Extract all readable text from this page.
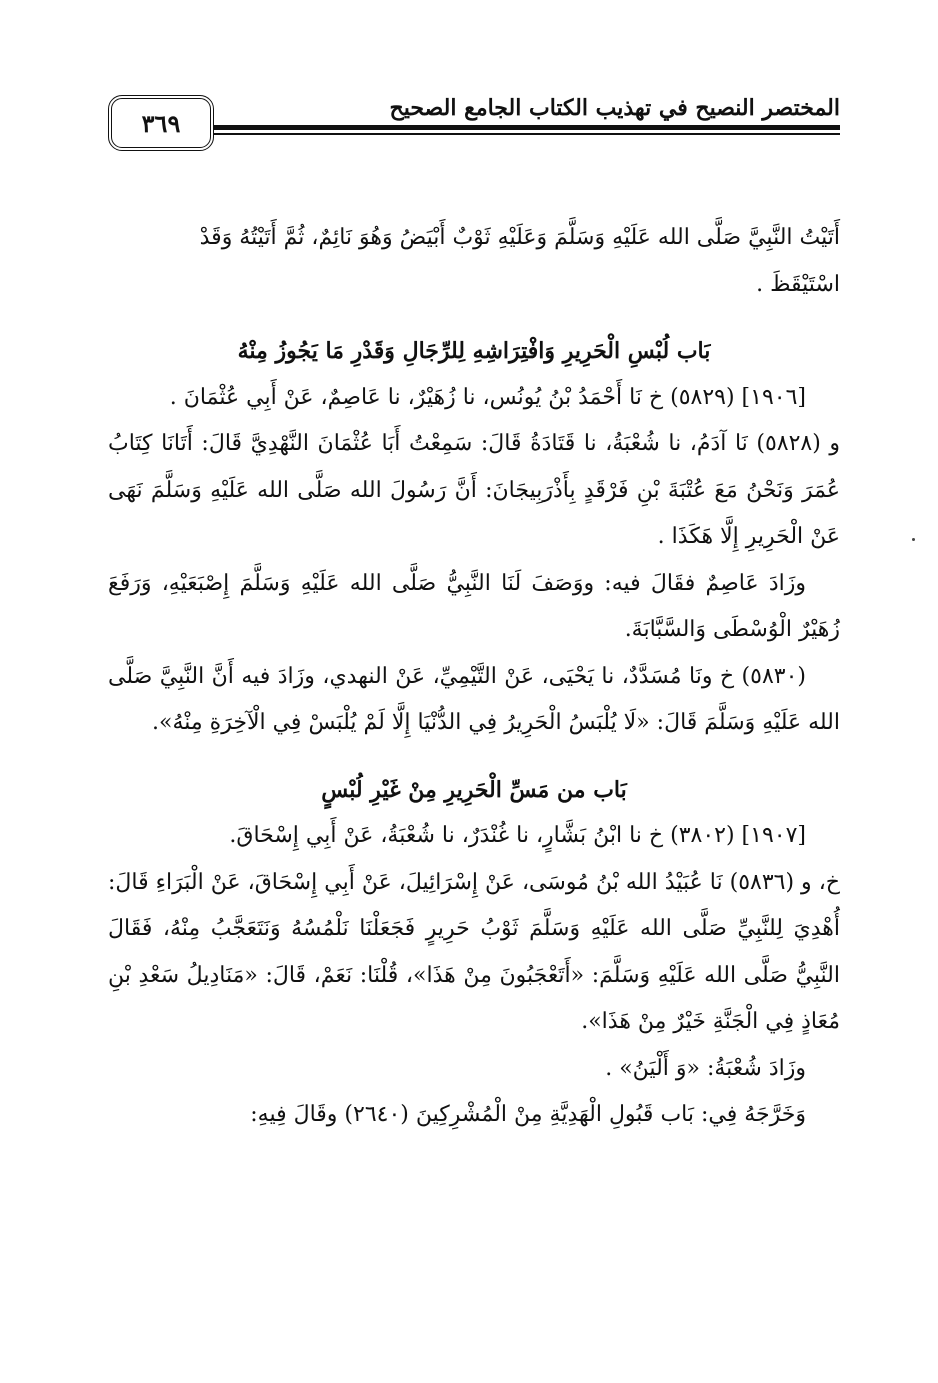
٣٦٩
المختصر النصيح في تهذيب الكتاب الجامع الصحيح

أَتَيْتُ النَّبِيَّ صَلَّى الله عَلَيْهِ وَسَلَّمَ وَعَلَيْهِ ثَوْبٌ أَبْيَضُ وَهُوَ نَائِمٌ، ثُمَّ أَتَيْتُهُ وَقَدْ

اسْتَيْقَظَ .

بَاب لُبْسِ الْحَرِيرِ وَافْتِرَاشِهِ لِلرِّجَالِ وَقَدْرِ مَا يَجُوزُ مِنْهُ

[١٩٠٦] (٥٨٢٩) خ نَا أَحْمَدُ بْنُ يُونُس، نا زُهَيْرٌ، نا عَاصِمٌ، عَنْ أَبِي عُثْمَانَ .

و (٥٨٢٨) نَا آدَمُ، نا شُعْبَةُ، نا قَتَادَةُ قَالَ: سَمِعْتُ أَبَا عُثْمَانَ النَّهْدِيَّ قَالَ: أَتَانَا كِتَابُ عُمَرَ وَنَحْنُ مَعَ عُتْبَةَ بْنِ فَرْقَدٍ بِأَذْرَبِيجَانَ: أَنَّ رَسُولَ الله صَلَّى الله عَلَيْهِ وَسَلَّمَ نَهَى عَنْ الْحَرِيرِ إِلَّا هَكَذَا .

وزَادَ عَاصِمٌ فقَالَ فيه: ووَصَفَ لَنَا النَّبِيُّ صَلَّى الله عَلَيْهِ وَسَلَّمَ إِصْبَعَيْهِ، وَرَفَعَ زُهَيْرٌ الْوُسْطَى وَالسَّبَّابَةَ.

(٥٨٣٠) خ ونَا مُسَدَّدٌ، نا يَحْيَى، عَنْ التَّيْمِيِّ، عَنْ النهدي، وزَادَ فيه أَنَّ النَّبِيَّ صَلَّى الله عَلَيْهِ وَسَلَّمَ قَالَ: «لَا يُلْبَسُ الْحَرِيرُ فِي الدُّنْيَا إِلَّا لَمْ يُلْبَسْ فِي الْآخِرَةِ مِنْهُ».

بَاب من مَسِّ الْحَرِيرِ مِنْ غَيْرِ لُبْسٍ

[١٩٠٧] (٣٨٠٢) خ نا ابْنُ بَشَّارٍ، نا غُنْدَرٌ، نا شُعْبَةُ، عَنْ أَبِي إِسْحَاقَ.

خ، و (٥٨٣٦) نَا عُبَيْدُ الله بْنُ مُوسَى، عَنْ إِسْرَائِيلَ، عَنْ أَبِي إِسْحَاقَ، عَنْ الْبَرَاءِ قَالَ: أُهْدِيَ لِلنَّبِيِّ صَلَّى الله عَلَيْهِ وَسَلَّمَ ثَوْبُ حَرِيرٍ فَجَعَلْنَا نَلْمُسُهُ وَنَتَعَجَّبُ مِنْهُ، فَقَالَ النَّبِيُّ صَلَّى الله عَلَيْهِ وَسَلَّمَ: «أَتَعْجَبُونَ مِنْ هَذَا»، قُلْنَا: نَعَمْ، قَالَ: «مَنَادِيلُ سَعْدِ بْنِ مُعَاذٍ فِي الْجَنَّةِ خَيْرٌ مِنْ هَذَا».

وزَادَ شُعْبَةُ: «وَ أَلْيَنُ» .

وَخَرَّجَهُ فِي: بَاب قَبُولِ الْهَدِيَّةِ مِنْ الْمُشْرِكِينَ (٢٦٤٠) وقَالَ فِيهِ:
